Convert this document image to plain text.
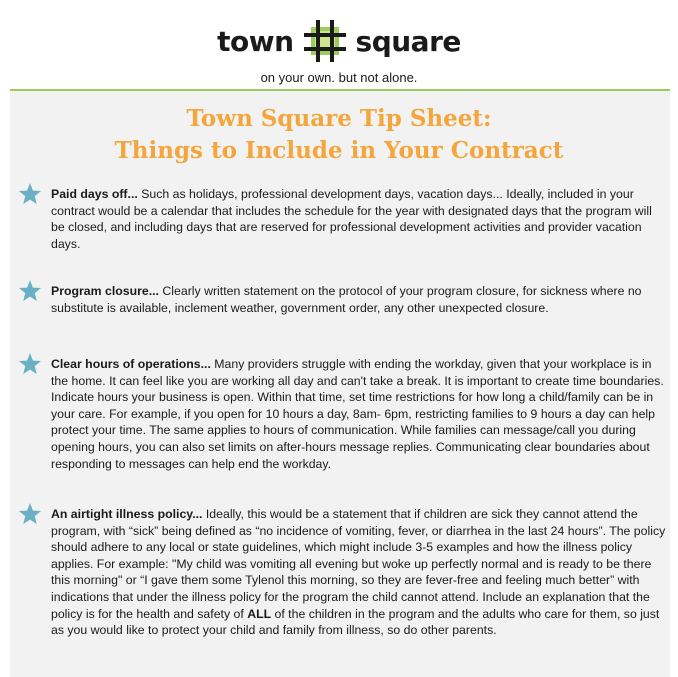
town square
on your own. but not alone.
Town Square Tip Sheet:
Things to Include in Your Contract
Paid days off... Such as holidays, professional development days, vacation days... Ideally, included in your contract would be a calendar that includes the schedule for the year with designated days that the program will be closed, and including days that are reserved for professional development activities and provider vacation days.
Program closure... Clearly written statement on the protocol of your program closure, for sickness where no substitute is available, inclement weather, government order, any other unexpected closure.
Clear hours of operations... Many providers struggle with ending the workday, given that your workplace is in the home. It can feel like you are working all day and can't take a break. It is important to create time boundaries. Indicate hours your business is open. Within that time, set time restrictions for how long a child/family can be in your care. For example, if you open for 10 hours a day, 8am- 6pm, restricting families to 9 hours a day can help protect your time. The same applies to hours of communication. While families can message/call you during opening hours, you can also set limits on after-hours message replies. Communicating clear boundaries about responding to messages can help end the workday.
An airtight illness policy... Ideally, this would be a statement that if children are sick they cannot attend the program, with “sick” being defined as “no incidence of vomiting, fever, or diarrhea in the last 24 hours”. The policy should adhere to any local or state guidelines, which might include 3-5 examples and how the illness policy applies. For example: "My child was vomiting all evening but woke up perfectly normal and is ready to be there this morning" or “I gave them some Tylenol this morning, so they are fever-free and feeling much better” with indications that under the illness policy for the program the child cannot attend. Include an explanation that the policy is for the health and safety of ALL of the children in the program and the adults who care for them, so just as you would like to protect your child and family from illness, so do other parents.
